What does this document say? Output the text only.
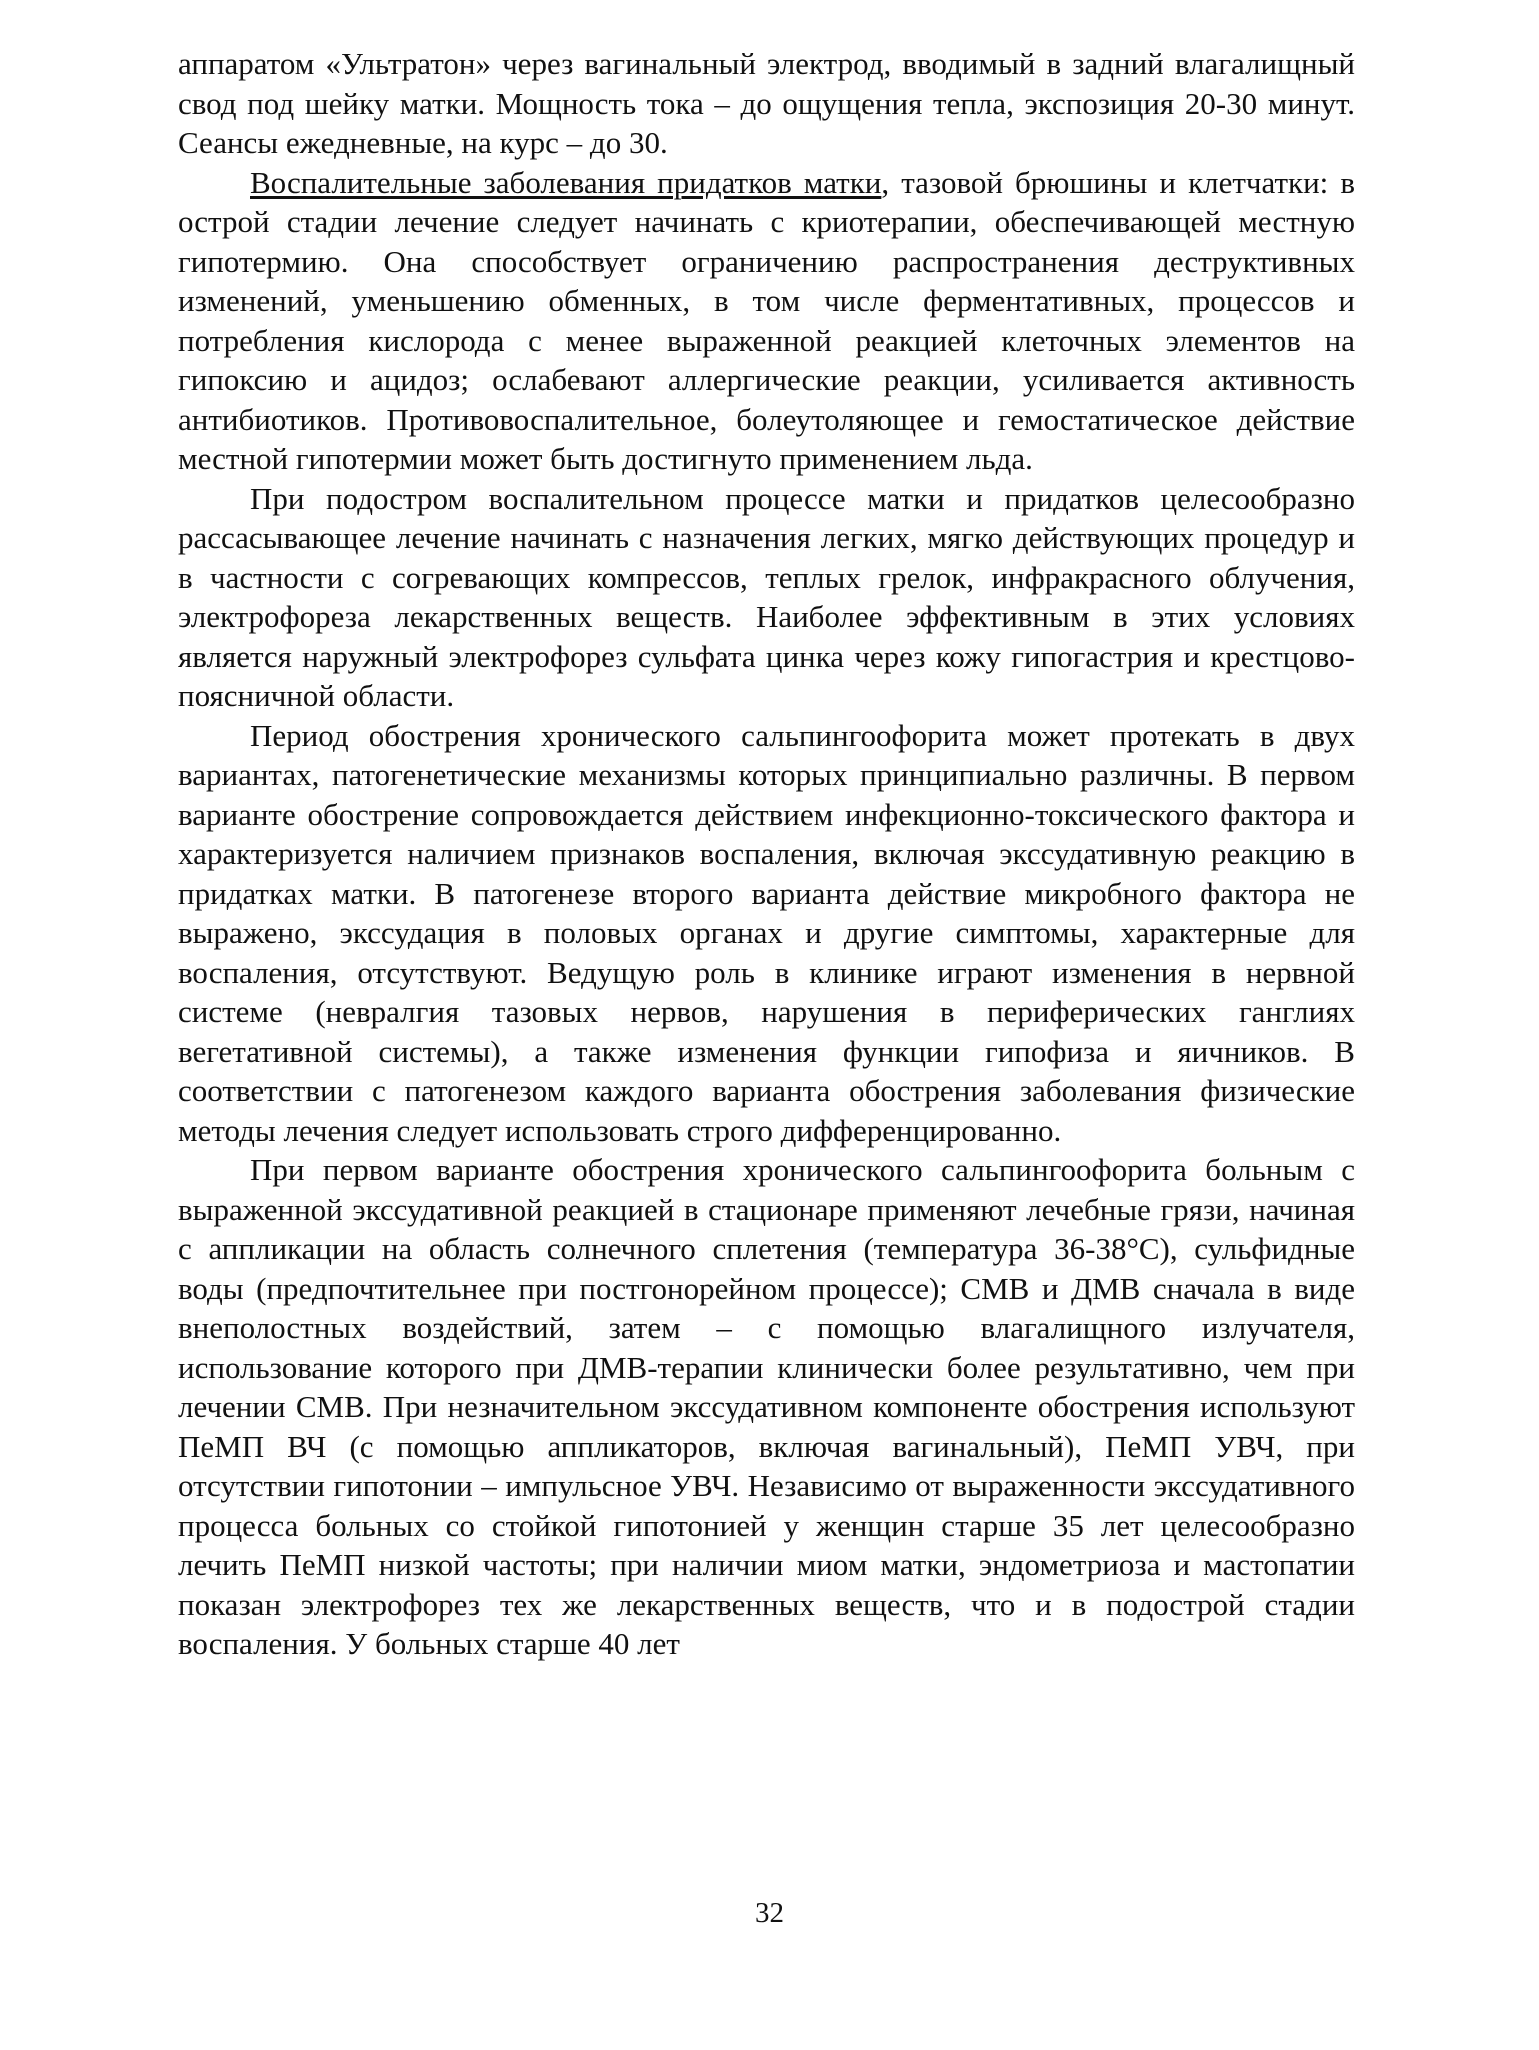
аппаратом «Ультратон» через вагинальный электрод, вводимый в задний влагалищный свод под шейку матки. Мощность тока – до ощущения тепла, экспозиция 20-30 минут. Сеансы ежедневные, на курс – до 30.

Воспалительные заболевания придатков матки, тазовой брюшины и клетчатки: в острой стадии лечение следует начинать с криотерапии, обеспечивающей местную гипотермию. Она способствует ограничению распространения деструктивных изменений, уменьшению обменных, в том числе ферментативных, процессов и потребления кислорода с менее выраженной реакцией клеточных элементов на гипоксию и ацидоз; ослабевают аллергические реакции, усиливается активность антибиотиков. Противовоспалительное, болеутоляющее и гемостатическое действие местной гипотермии может быть достигнуто применением льда.

При подостром воспалительном процессе матки и придатков целесообразно рассасывающее лечение начинать с назначения легких, мягко действующих процедур и в частности с согревающих компрессов, теплых грелок, инфракрасного облучения, электрофореза лекарственных веществ. Наиболее эффективным в этих условиях является наружный электрофорез сульфата цинка через кожу гипогастрия и крестцово-поясничной области.

Период обострения хронического сальпингоофорита может протекать в двух вариантах, патогенетические механизмы которых принципиально различны. В первом варианте обострение сопровождается действием инфекционно-токсического фактора и характеризуется наличием признаков воспаления, включая экссудативную реакцию в придатках матки. В патогенезе второго варианта действие микробного фактора не выражено, экссудация в половых органах и другие симптомы, характерные для воспаления, отсутствуют. Ведущую роль в клинике играют изменения в нервной системе (невралгия тазовых нервов, нарушения в периферических ганглиях вегетативной системы), а также изменения функции гипофиза и яичников. В соответствии с патогенезом каждого варианта обострения заболевания физические методы лечения следует использовать строго дифференцированно.

При первом варианте обострения хронического сальпингоофорита больным с выраженной экссудативной реакцией в стационаре применяют лечебные грязи, начиная с аппликации на область солнечного сплетения (температура 36-38°С), сульфидные воды (предпочтительнее при постгонорейном процессе); СМВ и ДМВ сначала в виде внеполостных воздействий, затем – с помощью влагалищного излучателя, использование которого при ДМВ-терапии клинически более результативно, чем при лечении СМВ. При незначительном экссудативном компоненте обострения используют ПеМП ВЧ (с помощью аппликаторов, включая вагинальный), ПеМП УВЧ, при отсутствии гипотонии – импульсное УВЧ. Независимо от выраженности экссудативного процесса больных со стойкой гипотонией у женщин старше 35 лет целесообразно лечить ПеМП низкой частоты; при наличии миом матки, эндометриоза и мастопатии показан электрофорез тех же лекарственных веществ, что и в подострой стадии воспаления. У больных старше 40 лет

32
